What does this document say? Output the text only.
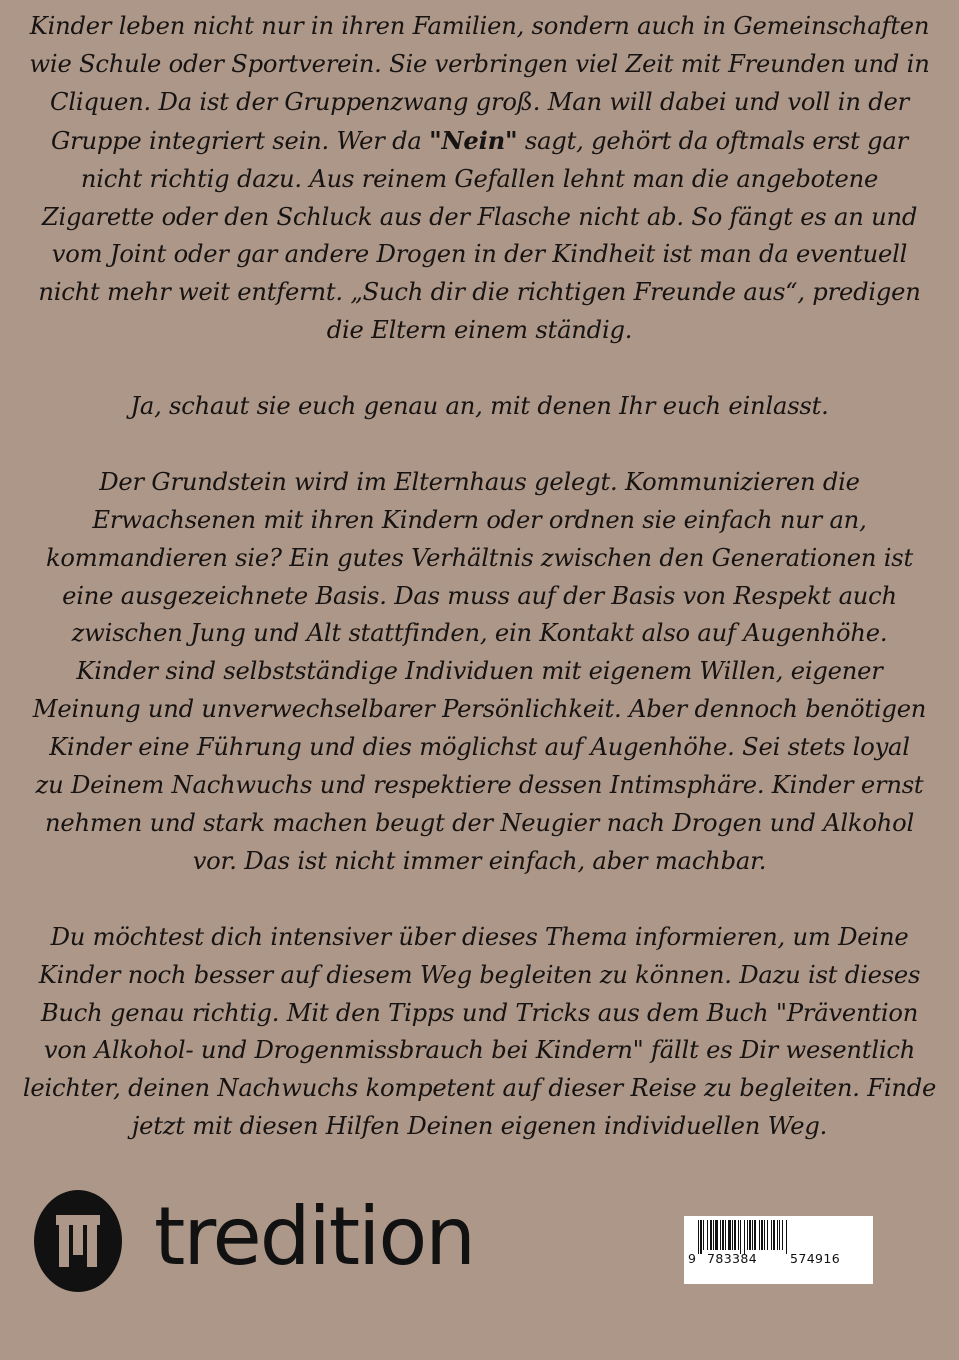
Kinder leben nicht nur in ihren Familien, sondern auch in Gemeinschaften
wie Schule oder Sportverein. Sie verbringen viel Zeit mit Freunden und in
Cliquen. Da ist der Gruppenzwang groß. Man will dabei und voll in der
Gruppe integriert sein. Wer da "Nein" sagt, gehört da oftmals erst gar
nicht richtig dazu. Aus reinem Gefallen lehnt man die angebotene
Zigarette oder den Schluck aus der Flasche nicht ab. So fängt es an und
vom Joint oder gar andere Drogen in der Kindheit ist man da eventuell
nicht mehr weit entfernt. „Such dir die richtigen Freunde aus“, predigen
die Eltern einem ständig.
Ja, schaut sie euch genau an, mit denen Ihr euch einlasst.
Der Grundstein wird im Elternhaus gelegt. Kommunizieren die
Erwachsenen mit ihren Kindern oder ordnen sie einfach nur an,
kommandieren sie? Ein gutes Verhältnis zwischen den Generationen ist
eine ausgezeichnete Basis. Das muss auf der Basis von Respekt auch
zwischen Jung und Alt stattfinden, ein Kontakt also auf Augenhöhe.
Kinder sind selbstständige Individuen mit eigenem Willen, eigener
Meinung und unverwechselbarer Persönlichkeit. Aber dennoch benötigen
Kinder eine Führung und dies möglichst auf Augenhöhe. Sei stets loyal
zu Deinem Nachwuchs und respektiere dessen Intimsphäre. Kinder ernst
nehmen und stark machen beugt der Neugier nach Drogen und Alkohol
vor. Das ist nicht immer einfach, aber machbar.
Du möchtest dich intensiver über dieses Thema informieren, um Deine
Kinder noch besser auf diesem Weg begleiten zu können. Dazu ist dieses
Buch genau richtig. Mit den Tipps und Tricks aus dem Buch "Prävention
von Alkohol- und Drogenmissbrauch bei Kindern" fällt es Dir wesentlich
leichter, deinen Nachwuchs kompetent auf dieser Reise zu begleiten. Finde
jetzt mit diesen Hilfen Deinen eigenen individuellen Weg.
tredition	9 783384	574916
